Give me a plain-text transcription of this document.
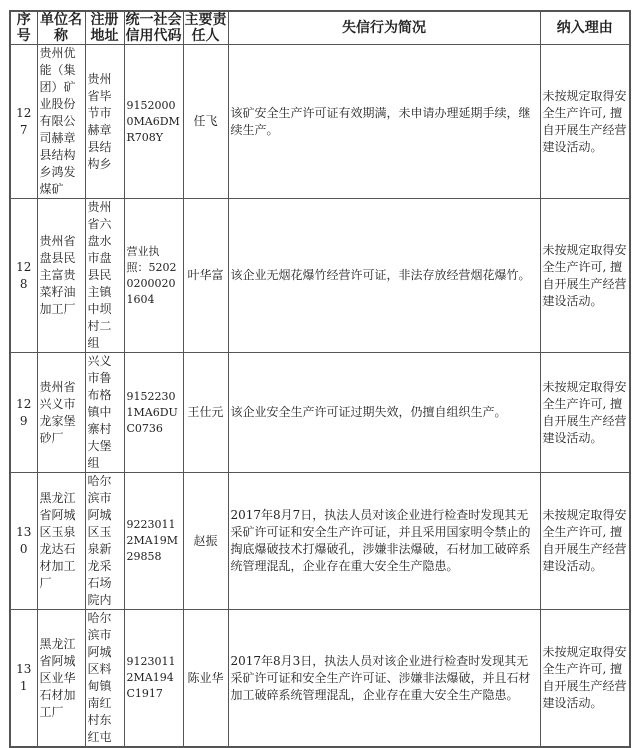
序号	单位名称	注册地址	统一社会信用代码	主要责任人	失信行为简况	纳入理由
127	贵州优能（集团）矿业股份有限公司赫章县结构乡鸿发煤矿	贵州省毕节市赫章县结构乡	91520000MA6DMR708Y	任飞	该矿安全生产许可证有效期满，未申请办理延期手续，继续生产。	未按规定取得安全生产许可, 擅自开展生产经营建设活动。
128	贵州省盘县民主富贵菜籽油加工厂	贵州省六盘水市盘县民主镇中坝村二组	营业执照：520202000201604	叶华富	该企业无烟花爆竹经营许可证，非法存放经营烟花爆竹。	未按规定取得安全生产许可, 擅自开展生产经营建设活动。
129	贵州省兴义市龙家堡砂厂	兴义市鲁布格镇中寨村大堡组	91522301MA6DUC0736	王仕元	该企业安全生产许可证过期失效，仍擅自组织生产。	未按规定取得安全生产许可, 擅自开展生产经营建设活动。
130	黑龙江省阿城区玉泉龙达石材加工厂	哈尔滨市阿城区玉泉新龙采石场院内	92230112MA19M29858	赵振	2017年8月7日，执法人员对该企业进行检查时发现其无采矿许可证和安全生产许可证，并且采用国家明令禁止的掏底爆破技术打爆破孔，涉嫌非法爆破，石材加工破碎系统管理混乱，企业存在重大安全生产隐患。	未按规定取得安全生产许可, 擅自开展生产经营建设活动。
131	黑龙江省阿城区业华石材加工厂	哈尔滨市阿城区料甸镇南红村东红屯	91230112MA194C1917	陈业华	2017年8月3日，执法人员对该企业进行检查时发现其无采矿许可证和安全生产许可证、涉嫌非法爆破，并且石材加工破碎系统管理混乱，企业存在重大安全生产隐患。	未按规定取得安全生产许可, 擅自开展生产经营建设活动。
